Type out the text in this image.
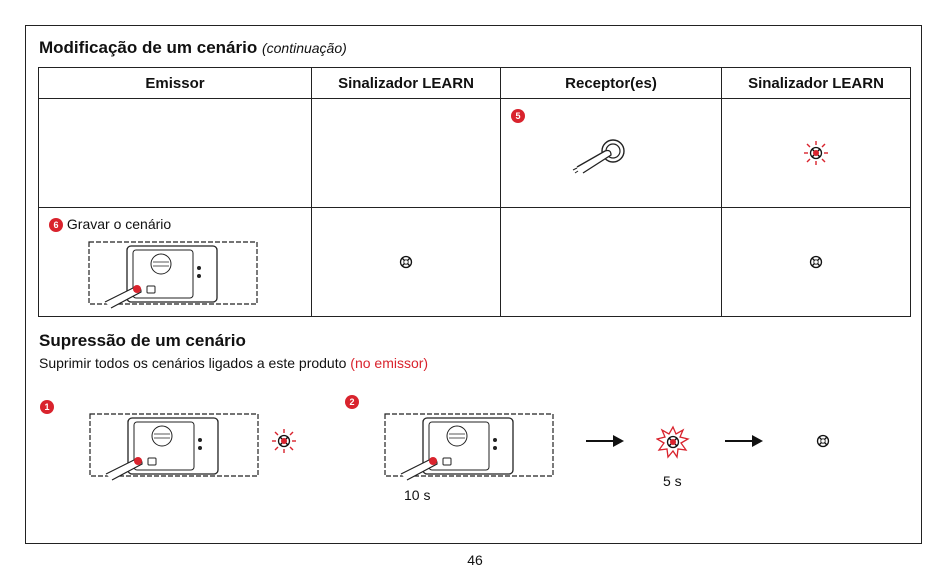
Modificação de um cenário (continuação)
Emissor	Sinalizador LEARN	Receptor(es)	Sinalizador LEARN

		5

6 Gravar o cenário

Supressão de um cenário
Suprimir todos os cenários ligados a este produto (no emissor)
1	2
10 s
5 s
46
